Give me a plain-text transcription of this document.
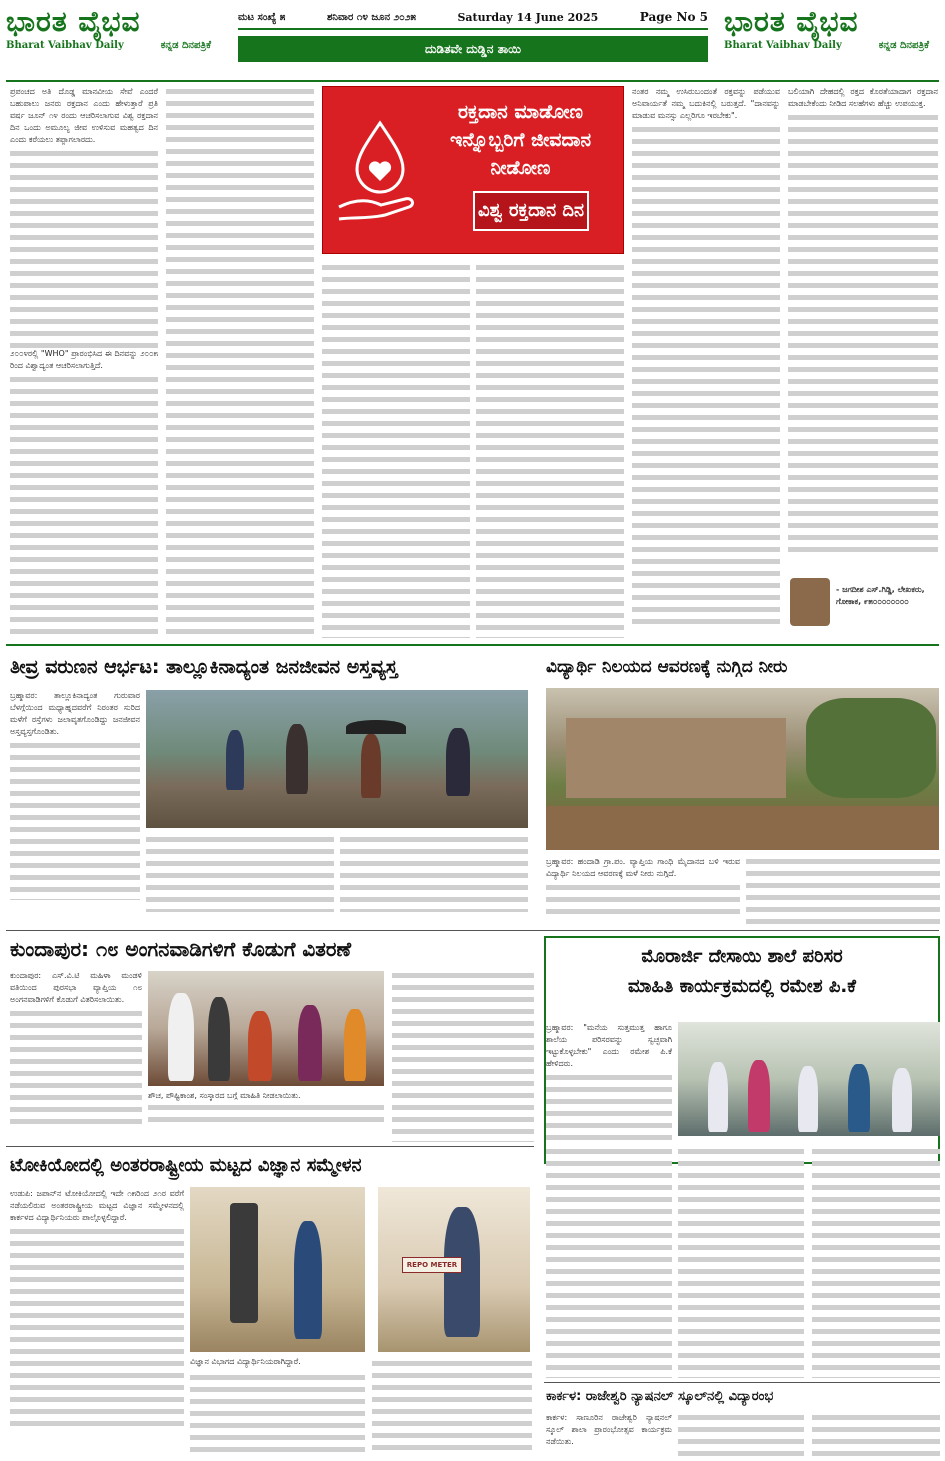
ಭಾರತ ವೈಭವ
Bharat Vaibhav Daily	ಕನ್ನಡ ದಿನಪತ್ರಿಕೆ
ಮಟ ಸಂಖ್ಯೆ ೫	ಶನಿವಾರ ೧೪ ಜೂನ ೨೦೨೫	Saturday 14 June 2025	Page No 5
ದುಡಿತವೇ ದುಡ್ಡಿನ ತಾಯಿ
ಭಾರತ ವೈಭವ
Bharat Vaibhav Daily	ಕನ್ನಡ ದಿನಪತ್ರಿಕೆ

ಪ್ರಪಂಚದ ಅತಿ ದೊಡ್ಡ ಮಾನವೀಯ ಸೇವೆ ಎಂದರೆ ಬಹುಪಾಲು ಜನರು ರಕ್ತದಾನ ಎಂದು ಹೇಳುತ್ತಾರೆ ಪ್ರತಿ ವರ್ಷ ಜೂನ್ ೧೪ ರಂದು ಆಚರಿಸಲಾಗುವ ವಿಶ್ವ ರಕ್ತದಾನ ದಿನ ಒಂದು ಅಮೂಲ್ಯ ಜೀವ ಉಳಿಸುವ ಮಹತ್ವದ ದಿನ ಎಂದು ಕರೆಯಲು ತಪ್ಪಾಗಲಾರದು.

೨೦೦೪ರಲ್ಲಿ "WHO" ಪ್ರಾರಂಭಿಸಿದ ಈ ದಿನವನ್ನು ೨೦೦೫ ರಿಂದ ವಿಶ್ವಾದ್ಯಂತ ಆಚರಿಸಲಾಗುತ್ತಿದೆ.

ರಕ್ತದಾನ ಮಾಡೋಣ
ಇನ್ನೊಬ್ಬರಿಗೆ ಜೀವದಾನ
ನೀಡೋಣ
ವಿಶ್ವ ರಕ್ತದಾನ ದಿನ

ನಂತರ ನಮ್ಮ ಉಸಿರುಬಂದಂತೆ ರಕ್ತವನ್ನು ಪಡೆಯುವ ಅನಿವಾರ್ಯತೆ ನಮ್ಮ ಬದುಕಿನಲ್ಲಿ ಬರುತ್ತದೆ. "ದಾನವನ್ನು ಮಾಡುವ ಮನಸ್ಸು ಎಲ್ಲರಿಗೂ ಇರಬೇಕು".

ಬಲಿಯಾಗಿ ದೇಹದಲ್ಲಿ ರಕ್ತದ ಕೊರತೆಯಾದಾಗ ರಕ್ತದಾನ ಮಾಡಬೇಕೆಂದು ನೀಡಿದ ಸಲಹೆಗಳು ಹೆಚ್ಚು ಉಪಯುಕ್ತ.

- ಜಗದೀಶ ಎಸ್.ಗಿಡ್ಡಿ, ಲೇಖಕರು, ಗೋಕಾಕ, ೯೫೦೦೦೦೦೦೦೦
ತೀವ್ರ ವರುಣನ ಆರ್ಭಟ: ತಾಲ್ಲೂಕಿನಾದ್ಯಂತ ಜನಜೀವನ ಅಸ್ತವ್ಯಸ್ತ

ಬ್ರಹ್ಮಾವರ: ತಾಲ್ಲೂಕಿನಾದ್ಯಂತ ಗುರುವಾರ ಬೆಳಗ್ಗೆಯಿಂದ ಮಧ್ಯಾಹ್ನದವರೆಗೆ ನಿರಂತರ ಸುರಿದ ಮಳೆಗೆ ರಸ್ತೆಗಳು ಜಲಾವೃತಗೊಂಡಿದ್ದು ಜನಜೀವನ ಅಸ್ತವ್ಯಸ್ತಗೊಂಡಿತು.

ವಿದ್ಯಾರ್ಥಿ ನಿಲಯದ ಆವರಣಕ್ಕೆ ನುಗ್ಗಿದ ನೀರು

ಬ್ರಹ್ಮಾವರ: ಹಂದಾಡಿ ಗ್ರಾ.ಪಂ. ವ್ಯಾಪ್ತಿಯ ಗಾಂಧಿ ಮೈದಾನದ ಬಳಿ ಇರುವ ವಿದ್ಯಾರ್ಥಿ ನಿಲಯದ ಆವರಣಕ್ಕೆ ಮಳೆ ನೀರು ನುಗ್ಗಿದೆ.

ಕುಂದಾಪುರ: ೧೮ ಅಂಗನವಾಡಿಗಳಿಗೆ ಕೊಡುಗೆ ವಿತರಣೆ

ಕುಂದಾಪುರ: ಎಸ್.ವಿ.ಟಿ ಮಹಿಳಾ ಮಂಡಳಿ ವತಿಯಿಂದ ಪುರಸಭಾ ವ್ಯಾಪ್ತಿಯ ೧೮ ಅಂಗನವಾಡಿಗಳಿಗೆ ಕೊಡುಗೆ ವಿತರಿಸಲಾಯಿತು.

ಶೌಚ, ಪೌಷ್ಟಿಕಾಂಶ, ಸಂಸ್ಕಾರದ ಬಗ್ಗೆ ಮಾಹಿತಿ ನೀಡಲಾಯಿತು.
ಮೊರಾರ್ಜಿ ದೇಸಾಯಿ ಶಾಲೆ ಪರಿಸರ
ಮಾಹಿತಿ ಕಾರ್ಯಕ್ರಮದಲ್ಲಿ ರಮೇಶ ಪಿ.ಕೆ

ಬ್ರಹ್ಮಾವರ: "ಮನೆಯ ಸುತ್ತಮುತ್ತ ಹಾಗೂ ಶಾಲೆಯ ಪರಿಸರವನ್ನು ಸ್ವಚ್ಛವಾಗಿ ಇಟ್ಟುಕೊಳ್ಳಬೇಕು" ಎಂದು ರಮೇಶ ಪಿ.ಕೆ ಹೇಳಿದರು.

ಟೋಕಿಯೋದಲ್ಲಿ ಅಂತರರಾಷ್ಟ್ರೀಯ ಮಟ್ಟದ ವಿಜ್ಞಾನ ಸಮ್ಮೇಳನ

ಉಡುಪಿ: ಜಪಾನ್‌ನ ಟೋಕಿಯೋದಲ್ಲಿ ಇದೇ ೧೫ರಿಂದ ೨೧ರ ವರೆಗೆ ನಡೆಯಲಿರುವ ಅಂತರರಾಷ್ಟ್ರೀಯ ಮಟ್ಟದ ವಿಜ್ಞಾನ ಸಮ್ಮೇಳನದಲ್ಲಿ ಕಾರ್ಕಳದ ವಿದ್ಯಾರ್ಥಿನಿಯರು ಪಾಲ್ಗೊಳ್ಳಲಿದ್ದಾರೆ.

REPO METER
ವಿಜ್ಞಾನ ವಿಭಾಗದ ವಿದ್ಯಾರ್ಥಿನಿಯರಾಗಿದ್ದಾರೆ.
ಕಾರ್ಕಳ: ರಾಜೇಶ್ವರಿ ನ್ಯಾಷನಲ್ ಸ್ಕೂಲ್‌ನಲ್ಲಿ ವಿದ್ಯಾರಂಭ

ಕಾರ್ಕಳ: ಸಾಣೂರಿನ ರಾಜೇಶ್ವರಿ ನ್ಯಾಷನಲ್ ಸ್ಕೂಲ್‌ ಶಾಲಾ ಪ್ರಾರಂಭೋತ್ಸವ ಕಾರ್ಯಕ್ರಮ ನಡೆಯಿತು.
